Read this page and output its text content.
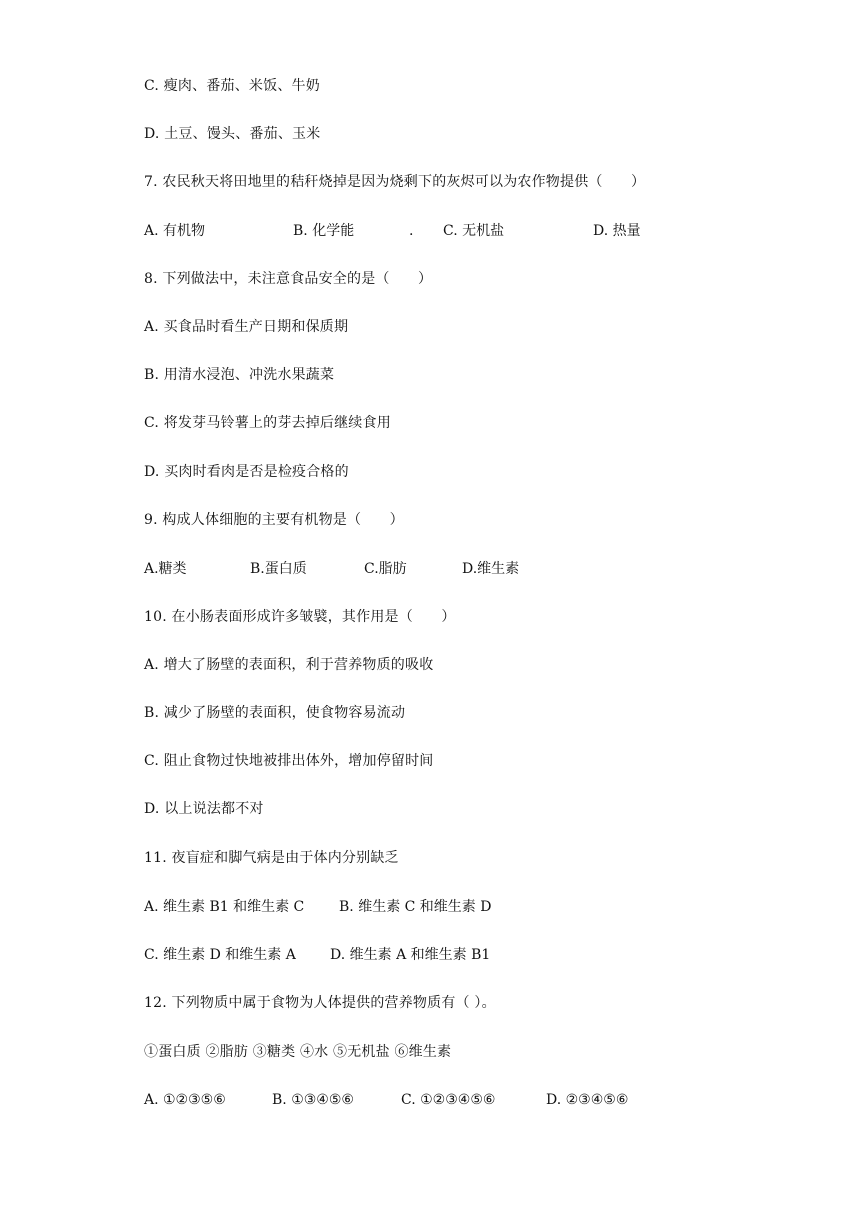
C. 瘦肉、番茄、米饭、牛奶
D. 土豆、馒头、番茄、玉米
7. 农民秋天将田地里的秸秆烧掉是因为烧剩下的灰烬可以为农作物提供（　　）
A. 有机物	B. 化学能	. C. 无机盐	D. 热量
8. 下列做法中，未注意食品安全的是（　　）
A. 买食品时看生产日期和保质期
B. 用清水浸泡、冲洗水果蔬菜
C. 将发芽马铃薯上的芽去掉后继续食用
D. 买肉时看肉是否是检疫合格的
9. 构成人体细胞的主要有机物是（　　）
A.糖类	B.蛋白质	C.脂肪	D.维生素
10. 在小肠表面形成许多皱襞，其作用是（　　）
A. 增大了肠壁的表面积，利于营养物质的吸收
B. 减少了肠壁的表面积，使食物容易流动
C. 阻止食物过快地被排出体外，增加停留时间
D. 以上说法都不对
11. 夜盲症和脚气病是由于体内分别缺乏
A. 维生素 B1 和维生素 C B. 维生素 C 和维生素 D
C. 维生素 D 和维生素 A D. 维生素 A 和维生素 B1
12. 下列物质中属于食物为人体提供的营养物质有（ ）。
①蛋白质 ②脂肪 ③糖类 ④水 ⑤无机盐 ⑥维生素
A. ①②③⑤⑥	B. ①③④⑤⑥	C. ①②③④⑤⑥	D. ②③④⑤⑥
